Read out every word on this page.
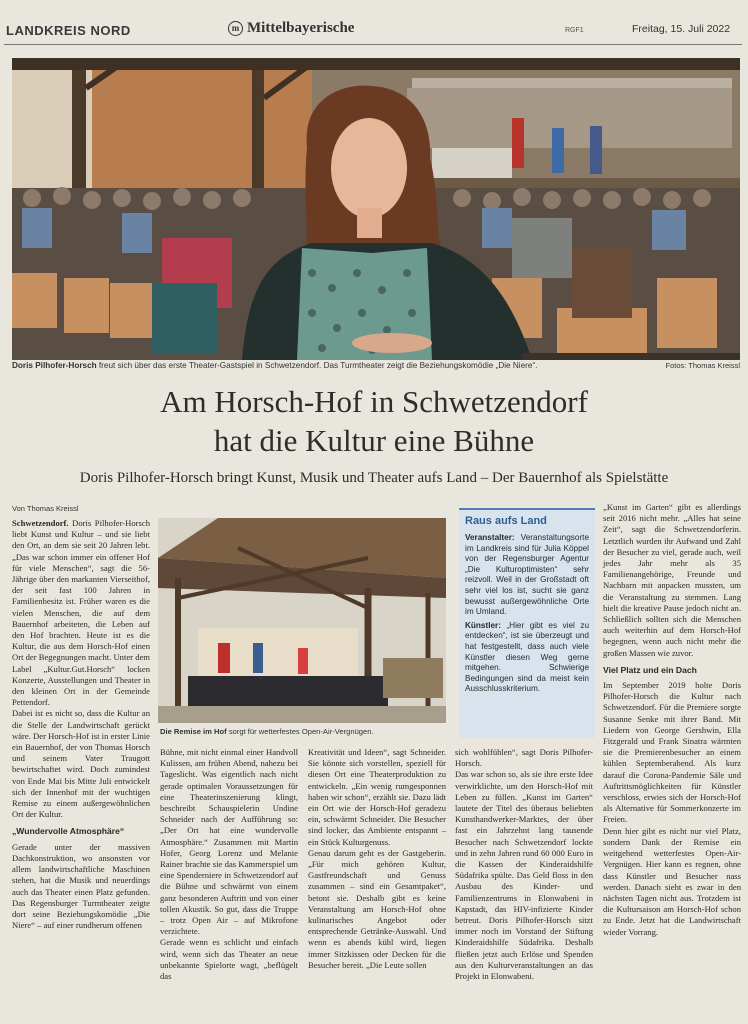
LANDKREIS NORD	m Mittelbayerische	RGF1	Freitag, 15. Juli 2022
Doris Pilhofer-Horsch freut sich über das erste Theater-Gastspiel in Schwetzendorf. Das Turmtheater zeigt die Beziehungskomödie „Die Niere“.	Fotos: Thomas Kreissl
Am Horsch-Hof in Schwetzendorf
hat die Kultur eine Bühne
Doris Pilhofer-Horsch bringt Kunst, Musik und Theater aufs Land – Der Bauernhof als Spielstätte
Von Thomas Kreissl

Schwetzendorf. Doris Pilhofer-Horsch liebt Kunst und Kultur – und sie liebt den Ort, an dem sie seit 20 Jahren lebt. „Das war schon immer ein offener Hof für viele Menschen“, sagt die 56-Jährige über den markanten Vierseithof, der seit fast 100 Jahren in Familienbesitz ist. Früher waren es die vielen Menschen, die auf dem Bauernhof arbeiteten, die Leben auf den Hof brachten. Heute ist es die Kultur, die aus dem Horsch-Hof einen Ort der Begegnungen macht. Unter dem Label „Kultur.Gut.Horsch“ locken Konzerte, Ausstellungen und Theater in den kleinen Ort in der Gemeinde Pettendorf.

Dabei ist es nicht so, dass die Kultur an die Stelle der Landwirtschaft gerückt wäre. Der Horsch-Hof ist in erster Linie ein Bauernhof, der von Thomas Horsch und seinem Vater Traugott bewirtschaftet wird. Doch zumindest von Ende Mai bis Mitte Juli entwickelt sich der Innenhof mit der wuchtigen Remise zu einem außergewöhnlichen Ort der Kultur.

„Wundervolle Atmosphäre“

Gerade unter der massiven Dachkonstruktion, wo ansonsten vor allem landwirtschaftliche Maschinen stehen, hat die Musik und neuerdings auch das Theater einen Platz gefunden. Das Regensburger Turmtheater zeigte dort seine Beziehungskomödie „Die Niere“ – auf einer rundherum offenen

Die Remise im Hof sorgt für wetterfestes Open-Air-Vergnügen.
Raus aufs Land

Veranstalter: Veranstaltungsorte im Landkreis sind für Julia Köppel von der Regensburger Agentur „Die Kulturoptimisten“ sehr reizvoll. Weil in der Großstadt oft sehr viel los ist, sucht sie ganz bewusst außergewöhnliche Orte im Umland.

Künstler: „Hier gibt es viel zu entdecken“, ist sie überzeugt und hat festgestellt, dass auch viele Künstler diesen Weg gerne mitgehen. Schwierige Bedingungen sind da meist kein Ausschlusskriterium.

Bühne, mit nicht einmal einer Handvoll Kulissen, am frühen Abend, nahezu bei Tageslicht. Was eigentlich nach nicht gerade optimalen Voraussetzungen für eine Theaterinszenierung klingt, beschreibt Schauspielerin Undine Schneider nach der Aufführung so: „Der Ort hat eine wundervolle Atmosphäre.“ Zusammen mit Martin Hofer, Georg Lorenz und Melanie Rainer brachte sie das Kammerspiel um eine Spenderniere in Schwetzendorf auf die Bühne und schwärmt von einem ganz besonderen Auftritt und von einer tollen Akustik. So gut, dass die Truppe – trotz Open Air – auf Mikrofone verzichtete.

Gerade wenn es schlicht und einfach wird, wenn sich das Theater an neue unbekannte Spielorte wagt, „beflügelt das

Kreativität und Ideen“, sagt Schneider. Sie könnte sich vorstellen, speziell für diesen Ort eine Theaterproduktion zu entwickeln. „Ein wenig rumgesponnen haben wir schon“, erzählt sie. Dazu lädt ein Ort wie der Horsch-Hof geradezu ein, schwärmt Schneider. Die Besucher sind locker, das Ambiente entspannt – ein Stück Kulturgenuss.

Genau darum geht es der Gastgeberin. „Für mich gehören Kultur, Gastfreundschaft und Genuss zusammen – sind ein Gesamtpaket“, betont sie. Deshalb gibt es keine Veranstaltung am Horsch-Hof ohne kulinarisches Angebot oder entsprechende Getränke-Auswahl. Und wenn es abends kühl wird, liegen immer Sitzkissen oder Decken für die Besucher bereit. „Die Leute sollen

sich wohlfühlen“, sagt Doris Pilhofer-Horsch.

Das war schon so, als sie ihre erste Idee verwirklichte, um den Horsch-Hof mit Leben zu füllen. „Kunst im Garten“ lautete der Titel des überaus beliebten Kunsthandwerker-Marktes, der über fast ein Jahrzehnt lang tausende Besucher nach Schwetzendorf lockte und in zehn Jahren rund 60 000 Euro in die Kassen der Kinderaidshilfe Südafrika spülte. Das Geld floss in den Ausbau des Kinder- und Familienzentrums in Elonwabeni in Kapstadt, das HIV-infizierte Kinder betreut. Doris Pilhofer-Horsch sitzt immer noch im Vorstand der Stiftung Kinderaidshilfe Südafrika. Deshalb fließen jetzt auch Erlöse und Spenden aus den Kulturveranstaltungen an das Projekt in Elonwabeni.

„Kunst im Garten“ gibt es allerdings seit 2016 nicht mehr. „Alles hat seine Zeit“, sagt die Schwetzendorferin. Letztlich wurden ihr Aufwand und Zahl der Besucher zu viel, gerade auch, weil jedes Jahr mehr als 35 Familienangehörige, Freunde und Nachbarn mit anpacken mussten, um die Veranstaltung zu stemmen. Lang hielt die kreative Pause jedoch nicht an. Schließlich sollten sich die Menschen auch weiterhin auf dem Horsch-Hof begegnen, wenn auch nicht mehr die großen Massen wie zuvor.

Viel Platz und ein Dach

Im September 2019 holte Doris Pilhofer-Horsch die Kultur nach Schwetzendorf. Für die Premiere sorgte Susanne Senke mit ihrer Band. Mit Liedern von George Gershwin, Ella Fitzgerald und Frank Sinatra wärmten sie die Premierenbesucher an einem kühlen Septemberabend. Als kurz darauf die Corona-Pandemie Säle und Auftrittsmöglichkeiten für Künstler verschloss, erwies sich der Horsch-Hof als Alternative für Sommerkonzerte im Freien.

Denn hier gibt es nicht nur viel Platz, sondern Dank der Remise ein weitgehend wetterfestes Open-Air-Vergnügen. Hier kann es regnen, ohne dass Künstler und Besucher nass werden. Danach sieht es zwar in den nächsten Tagen nicht aus. Trotzdem ist die Kultursaison am Horsch-Hof schon zu Ende. Jetzt hat die Landwirtschaft wieder Vorrang.
